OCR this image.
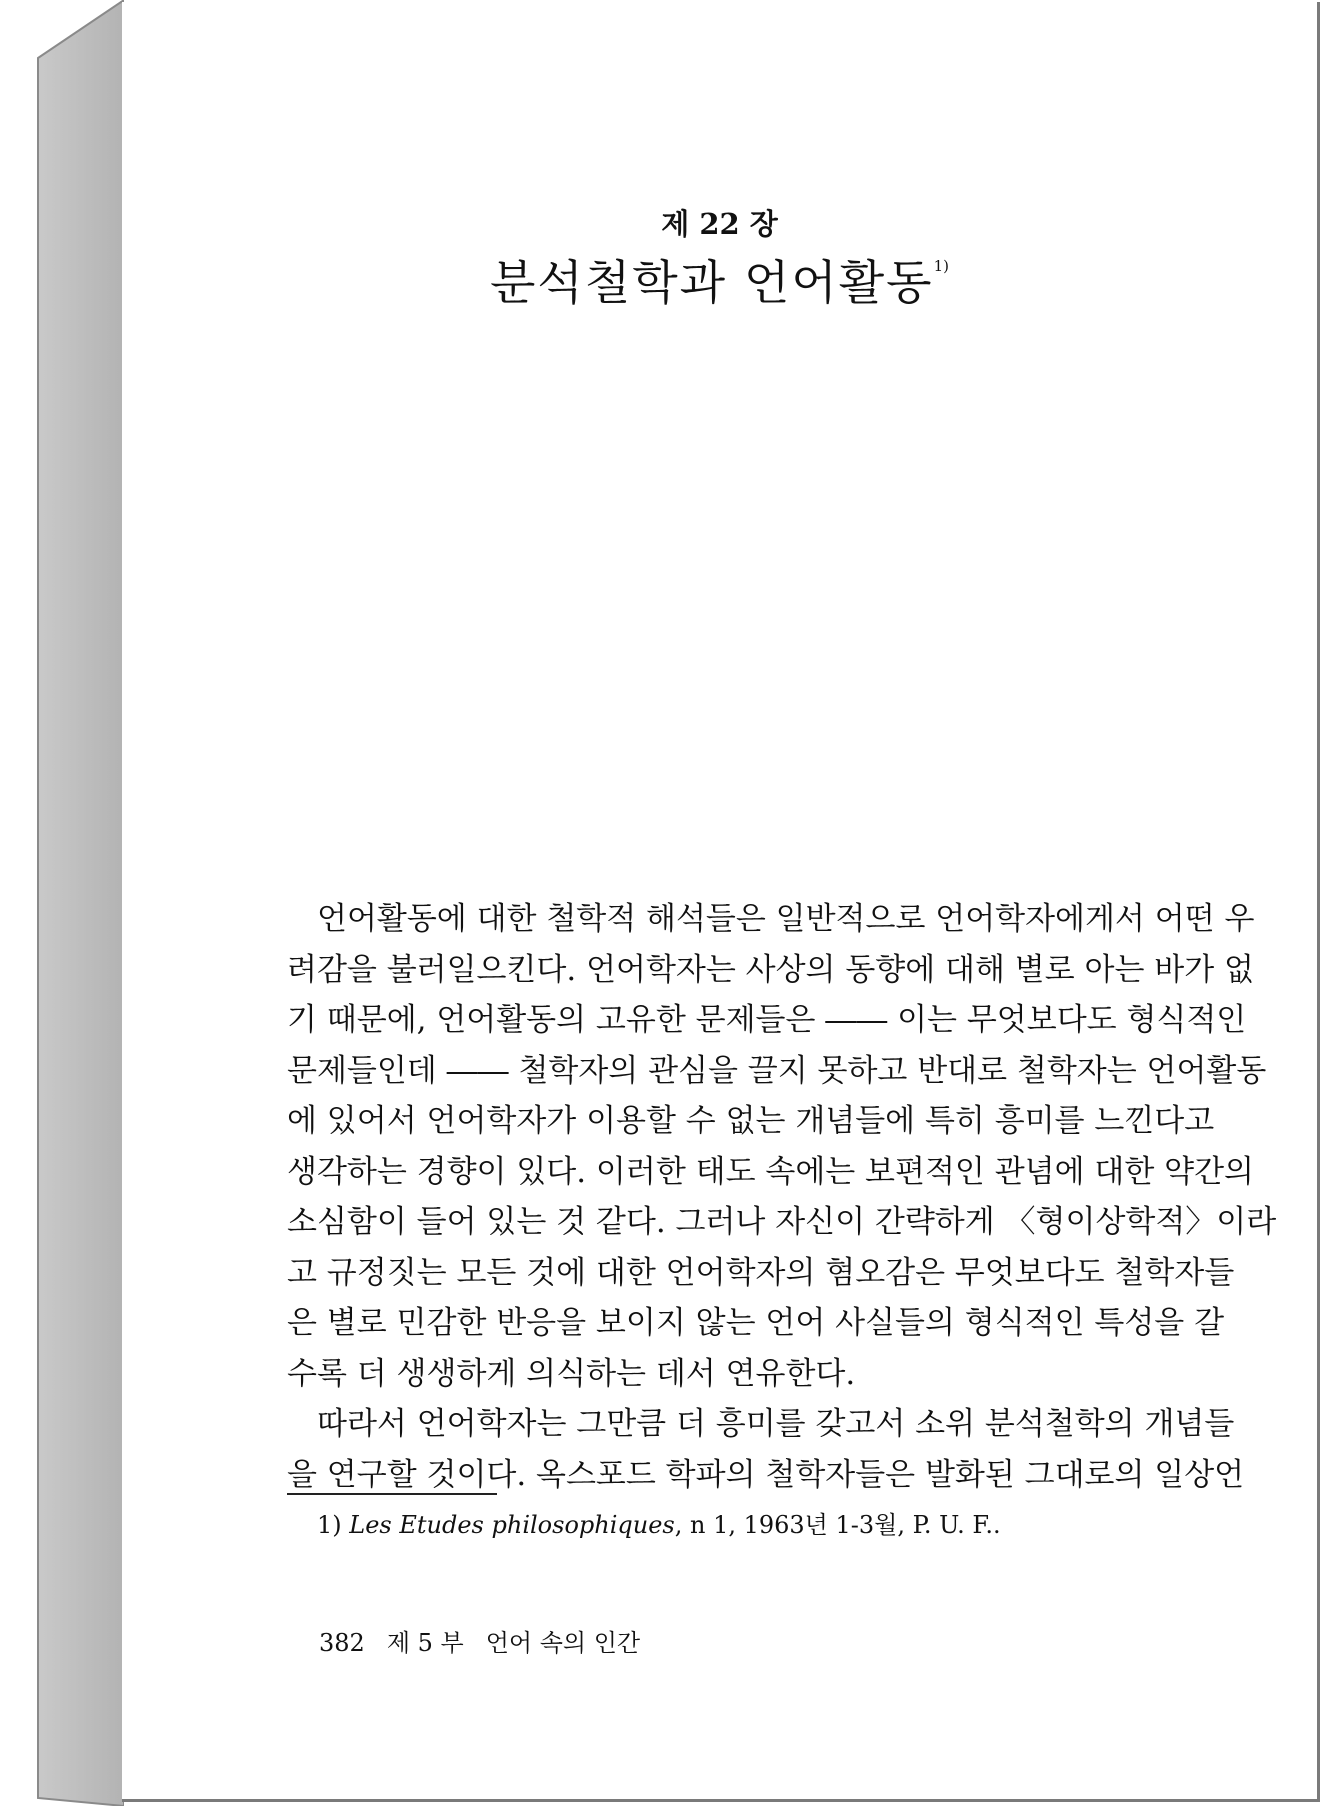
제 22 장
분석철학과 언어활동$^{1)}$
언어활동에 대한 철학적 해석들은 일반적으로 언어학자에게서 어떤 우
려감을 불러일으킨다. 언어학자는 사상의 동향에 대해 별로 아는 바가 없
기 때문에, 언어활동의 고유한 문제들은 ―― 이는 무엇보다도 형식적인
문제들인데 ―― 철학자의 관심을 끌지 못하고 반대로 철학자는 언어활동
에 있어서 언어학자가 이용할 수 없는 개념들에 특히 흥미를 느낀다고
생각하는 경향이 있다. 이러한 태도 속에는 보편적인 관념에 대한 약간의
소심함이 들어 있는 것 같다. 그러나 자신이 간략하게 〈형이상학적〉이라
고 규정짓는 모든 것에 대한 언어학자의 혐오감은 무엇보다도 철학자들
은 별로 민감한 반응을 보이지 않는 언어 사실들의 형식적인 특성을 갈
수록 더 생생하게 의식하는 데서 연유한다.
따라서 언어학자는 그만큼 더 흥미를 갖고서 소위 분석철학의 개념들
을 연구할 것이다. 옥스포드 학파의 철학자들은 발화된 그대로의 일상언
1) Les Etudes philosophiques, n 1, 1963년 1-3월, P. U. F..
382 제 5 부 언어 속의 인간
